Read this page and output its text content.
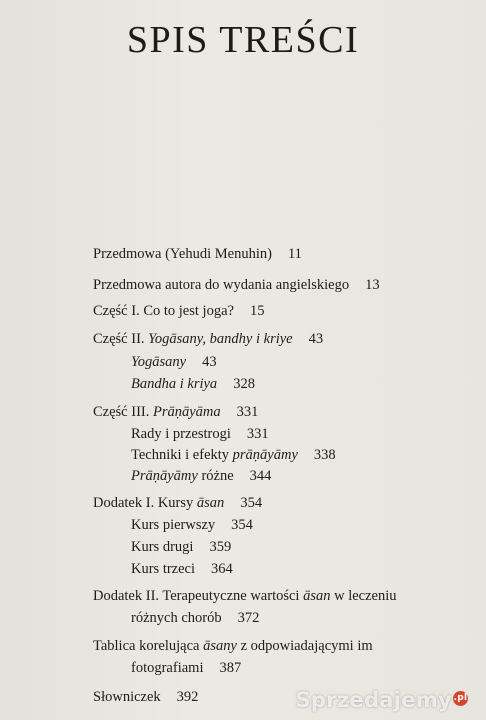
SPIS TREŚCI
Przedmowa (Yehudi Menuhin) 11
Przedmowa autora do wydania angielskiego 13
Część I. Co to jest joga? 15
Część II. Yogāsany, bandhy i kriye 43
Yogāsany 43
Bandha i kriya 328
Część III. Prāṇāyāma 331
Rady i przestrogi 331
Techniki i efekty prāṇāyāmy 338
Prāṇāyāmy różne 344
Dodatek I. Kursy āsan 354
Kurs pierwszy 354
Kurs drugi 359
Kurs trzeci 364
Dodatek II. Terapeutyczne wartości āsan w leczeniu
różnych chorób 372
Tablica korelująca āsany z odpowiadającymi im
fotografiami 387
Słowniczek 392	Sprzedajemy .pl
